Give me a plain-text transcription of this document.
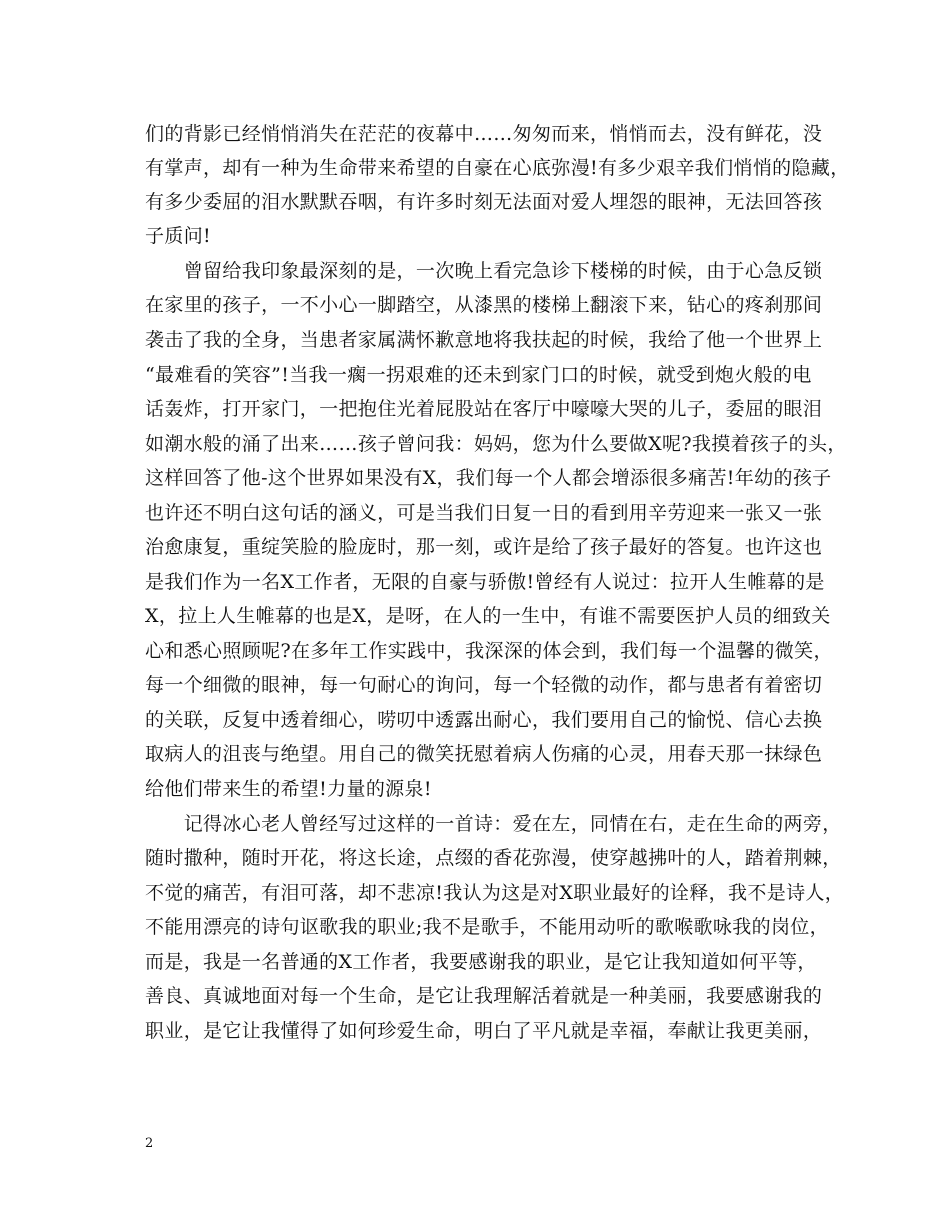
们的背影已经悄悄消失在茫茫的夜幕中……匆匆而来，悄悄而去，没有鲜花，没
有掌声，却有一种为生命带来希望的自豪在心底弥漫!有多少艰辛我们悄悄的隐藏，
有多少委屈的泪水默默吞咽，有许多时刻无法面对爱人埋怨的眼神，无法回答孩
子质问!
　　曾留给我印象最深刻的是，一次晚上看完急诊下楼梯的时候，由于心急反锁
在家里的孩子，一不小心一脚踏空，从漆黑的楼梯上翻滚下来，钻心的疼刹那间
袭击了我的全身，当患者家属满怀歉意地将我扶起的时候，我给了他一个世界上
“最难看的笑容”!当我一瘸一拐艰难的还未到家门口的时候，就受到炮火般的电
话轰炸，打开家门，一把抱住光着屁股站在客厅中嚎嚎大哭的儿子，委屈的眼泪
如潮水般的涌了出来……孩子曾问我：妈妈，您为什么要做X呢?我摸着孩子的头，
这样回答了他-这个世界如果没有X，我们每一个人都会增添很多痛苦!年幼的孩子
也许还不明白这句话的涵义，可是当我们日复一日的看到用辛劳迎来一张又一张
治愈康复，重绽笑脸的脸庞时，那一刻，或许是给了孩子最好的答复。也许这也
是我们作为一名X工作者，无限的自豪与骄傲!曾经有人说过：拉开人生帷幕的是
X，拉上人生帷幕的也是X，是呀，在人的一生中，有谁不需要医护人员的细致关
心和悉心照顾呢?在多年工作实践中，我深深的体会到，我们每一个温馨的微笑，
每一个细微的眼神，每一句耐心的询问，每一个轻微的动作，都与患者有着密切
的关联，反复中透着细心，唠叨中透露出耐心，我们要用自己的愉悦、信心去换
取病人的沮丧与绝望。用自己的微笑抚慰着病人伤痛的心灵，用春天那一抹绿色
给他们带来生的希望!力量的源泉!
　　记得冰心老人曾经写过这样的一首诗：爱在左，同情在右，走在生命的两旁，
随时撒种，随时开花，将这长途，点缀的香花弥漫，使穿越拂叶的人，踏着荆棘，
不觉的痛苦，有泪可落，却不悲凉!我认为这是对X职业最好的诠释，我不是诗人，
不能用漂亮的诗句讴歌我的职业;我不是歌手，不能用动听的歌喉歌咏我的岗位，
而是，我是一名普通的X工作者，我要感谢我的职业，是它让我知道如何平等，
善良、真诚地面对每一个生命，是它让我理解活着就是一种美丽，我要感谢我的
职业，是它让我懂得了如何珍爱生命，明白了平凡就是幸福，奉献让我更美丽，
2
